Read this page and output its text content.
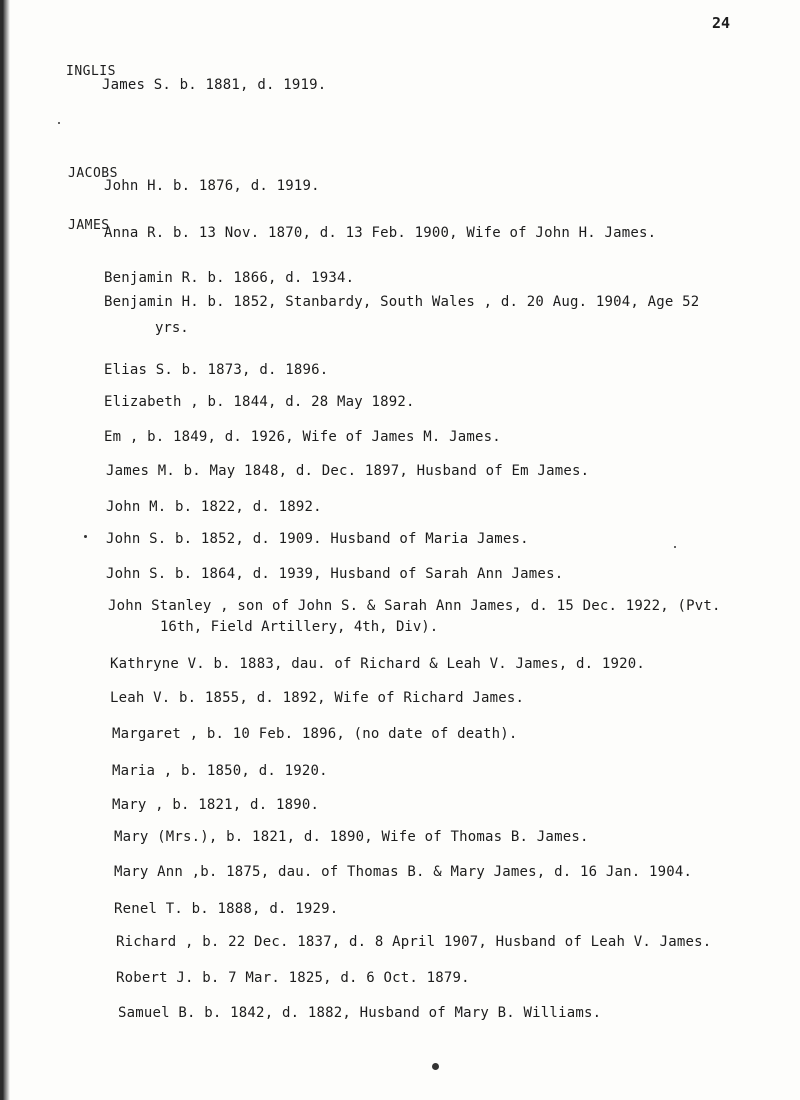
24
INGLIS
James S. b. 1881, d. 1919.
JACOBS
John H. b. 1876, d. 1919.
JAMES
Anna R. b. 13 Nov. 1870, d. 13 Feb. 1900, Wife of John H. James.
Benjamin R. b. 1866, d. 1934.
Benjamin H. b. 1852, Stanbardy, South Wales , d. 20 Aug. 1904, Age 52
yrs.
Elias S. b. 1873, d. 1896.
Elizabeth , b. 1844, d. 28 May 1892.
Em , b. 1849, d. 1926, Wife of James M. James.
James M. b. May 1848, d. Dec. 1897, Husband of Em James.
John M. b. 1822, d. 1892.
John S. b. 1852, d. 1909. Husband of Maria James.
John S. b. 1864, d. 1939, Husband of Sarah Ann James.
John Stanley , son of John S. & Sarah Ann James, d. 15 Dec. 1922, (Pvt.
16th, Field Artillery, 4th, Div).
Kathryne V. b. 1883, dau. of Richard & Leah V. James, d. 1920.
Leah V. b. 1855, d. 1892, Wife of Richard James.
Margaret , b. 10 Feb. 1896, (no date of death).
Maria , b. 1850, d. 1920.
Mary , b. 1821, d. 1890.
Mary (Mrs.), b. 1821, d. 1890, Wife of Thomas B. James.
Mary Ann ,b. 1875, dau. of Thomas B. & Mary James, d. 16 Jan. 1904.
Renel T. b. 1888, d. 1929.
Richard , b. 22 Dec. 1837, d. 8 April 1907, Husband of Leah V. James.
Robert J. b. 7 Mar. 1825, d. 6 Oct. 1879.
Samuel B. b. 1842, d. 1882, Husband of Mary B. Williams.
